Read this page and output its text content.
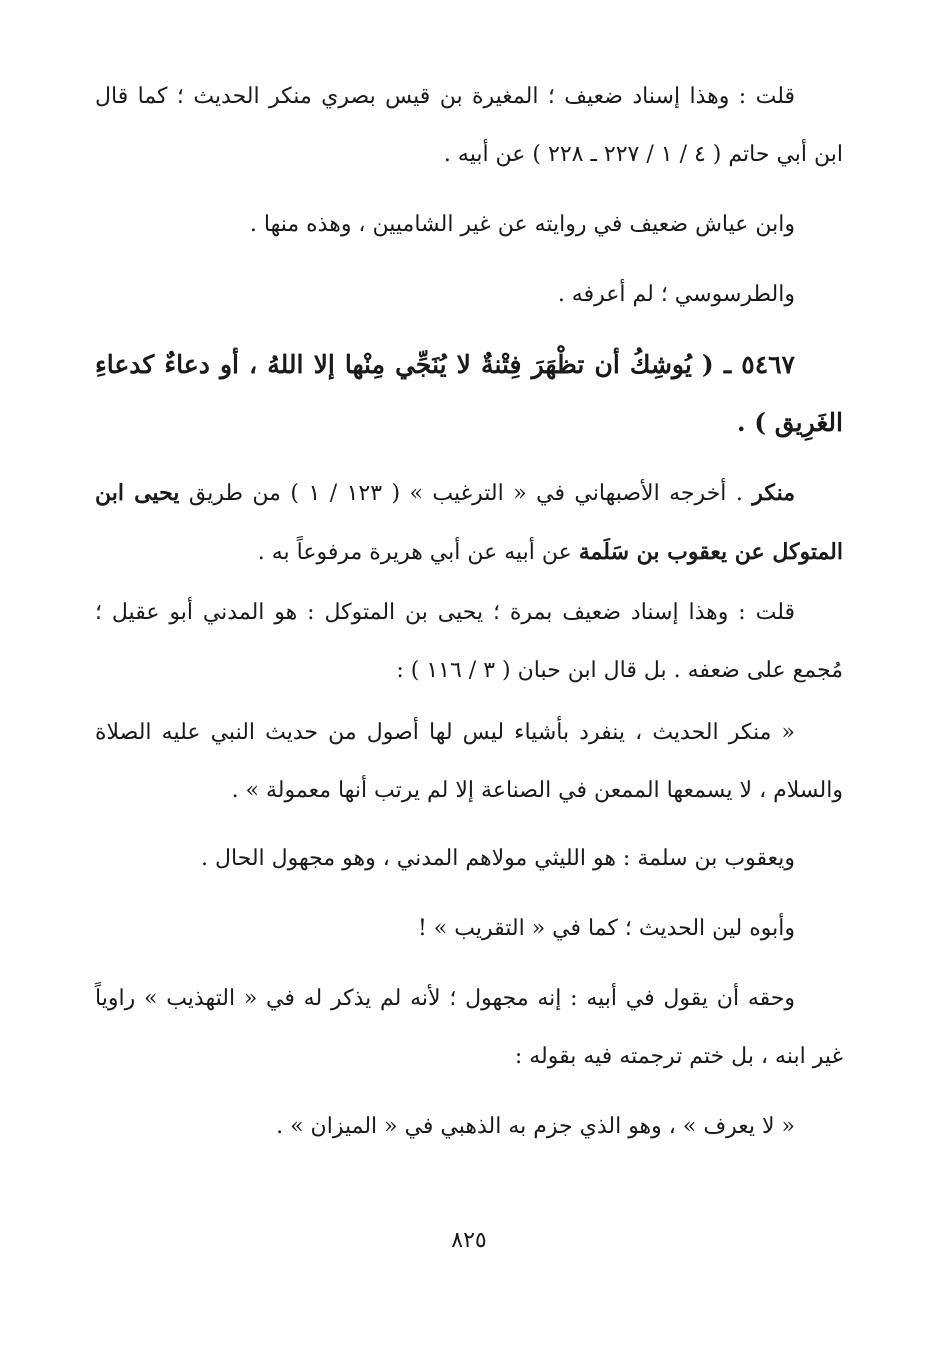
قلت : وهذا إسناد ضعيف ؛ المغيرة بن قيس بصري منكر الحديث ؛ كما قال ابن أبي حاتم ( ٤ / ١ / ٢٢٧ ـ ٢٢٨ ) عن أبيه .

وابن عياش ضعيف في روايته عن غير الشاميين ، وهذه منها .

والطرسوسي ؛ لم أعرفه .

٥٤٦٧ ـ ( يُوشِكُ أن تظْهَرَ فِتْنةٌ لا يُنَجِّي مِنْها إلا اللهُ ، أو دعاءٌ كدعاءِ الغَرِيق ) .

منكر . أخرجه الأصبهاني في « الترغيب » ( ١٢٣ / ١ ) من طريق يحيى ابن المتوكل عن يعقوب بن سَلَمة عن أبيه عن أبي هريرة مرفوعاً به .

قلت : وهذا إسناد ضعيف بمرة ؛ يحيى بن المتوكل : هو المدني أبو عقيل ؛ مُجمع على ضعفه . بل قال ابن حبان ( ٣ / ١١٦ ) :

« منكر الحديث ، ينفرد بأشياء ليس لها أصول من حديث النبي عليه الصلاة والسلام ، لا يسمعها الممعن في الصناعة إلا لم يرتب أنها معمولة » .

ويعقوب بن سلمة : هو الليثي مولاهم المدني ، وهو مجهول الحال .

وأبوه لين الحديث ؛ كما في « التقريب » !

وحقه أن يقول في أبيه : إنه مجهول ؛ لأنه لم يذكر له في « التهذيب » راوياً غير ابنه ، بل ختم ترجمته فيه بقوله :

« لا يعرف » ، وهو الذي جزم به الذهبي في « الميزان » .

٨٢٥
